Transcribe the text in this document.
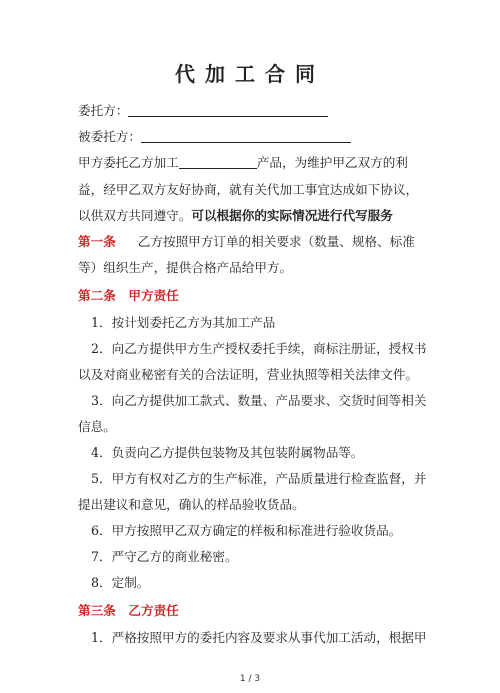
代加工合同
委托方：
被委托方：
甲方委托乙方加工	产品，为维护甲乙双方的利
益，经甲乙双方友好协商，就有关代加工事宜达成如下协议，
以供双方共同遵守。可以根据你的实际情况进行代写服务
第一条 乙方按照甲方订单的相关要求（数量、规格、标准
等）组织生产，提供合格产品给甲方。
第二条　甲方责任
1．按计划委托乙方为其加工产品
2．向乙方提供甲方生产授权委托手续，商标注册证，授权书
以及对商业秘密有关的合法证明，营业执照等相关法律文件。
3．向乙方提供加工款式、数量、产品要求、交货时间等相关
信息。
4．负责向乙方提供包装物及其包装附属物品等。
5．甲方有权对乙方的生产标准，产品质量进行检查监督，并
提出建议和意见，确认的样品验收货品。
6．甲方按照甲乙双方确定的样板和标准进行验收货品。
7．严守乙方的商业秘密。
8．定制。
第三条　乙方责任
1．严格按照甲方的委托内容及要求从事代加工活动，根据甲
1 / 3
